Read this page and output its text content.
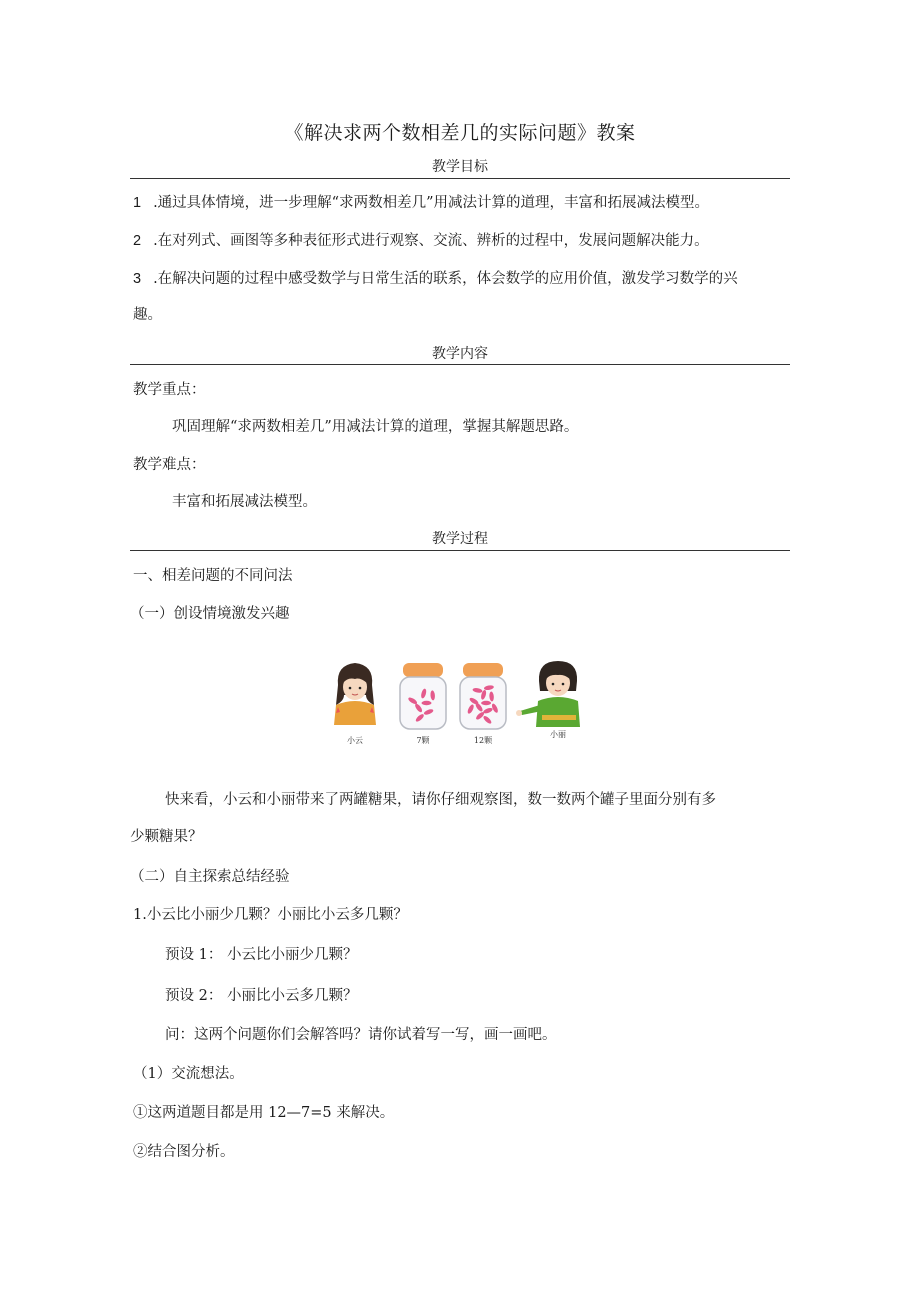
《解决求两个数相差几的实际问题》教案
教学目标
1 .通过具体情境，进一步理解“求两数相差几”用减法计算的道理，丰富和拓展减法模型。
2 .在对列式、画图等多种表征形式进行观察、交流、辨析的过程中，发展问题解决能力。
3 .在解决问题的过程中感受数学与日常生活的联系，体会数学的应用价值，激发学习数学的兴
趣。
教学内容
教学重点：
巩固理解“求两数相差几”用减法计算的道理，掌握其解题思路。
教学难点：
丰富和拓展减法模型。
教学过程
一、相差问题的不同问法
（一）创设情境激发兴趣
小云	7颗	12颗
小丽
快来看，小云和小丽带来了两罐糖果，请你仔细观察图，数一数两个罐子里面分别有多
少颗糖果？
（二）自主探索总结经验
1.小云比小丽少几颗？小丽比小云多几颗？
预设 1： 小云比小丽少几颗？
预设 2： 小丽比小云多几颗？
问：这两个问题你们会解答吗？请你试着写一写，画一画吧。
（1）交流想法。
①这两道题目都是用 12—7=5 来解决。
②结合图分析。
